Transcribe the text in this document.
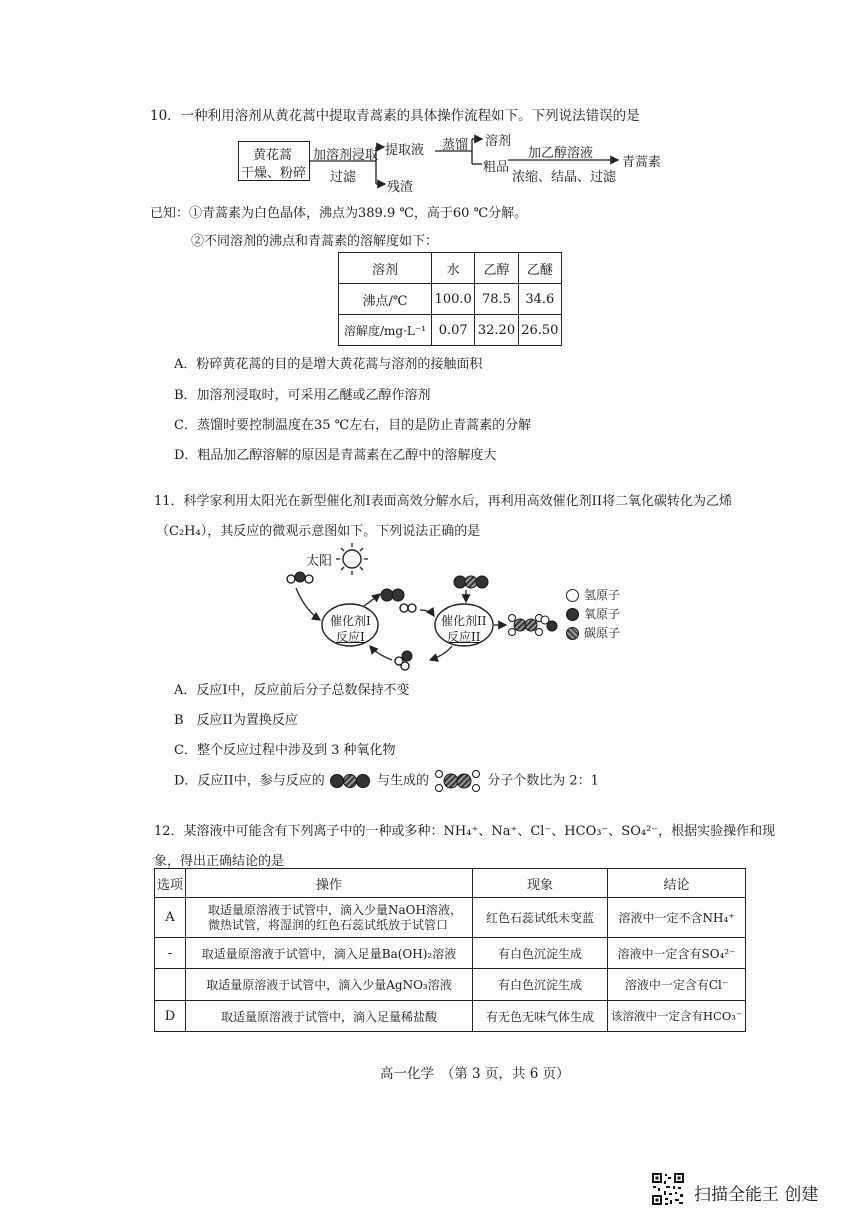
10．一种利用溶剂从黄花蒿中提取青蒿素的具体操作流程如下。下列说法错误的是
黄花蒿
干燥、粉碎
加溶剂浸取
过滤
提取液
残渣
蒸馏 溶剂
粗品
加乙醇溶液
浓缩、结晶、过滤
青蒿素
已知：①青蒿素为白色晶体，沸点为389.9 ℃，高于60 ℃分解。
②不同溶剂的沸点和青蒿素的溶解度如下：
溶剂	水	乙醇	乙醚
沸点/℃	100.0	78.5	34.6
溶解度/mg·L⁻¹	0.07	32.20	26.50
A．粉碎黄花蒿的目的是增大黄花蒿与溶剂的接触面积
B．加溶剂浸取时，可采用乙醚或乙醇作溶剂
C．蒸馏时要控制温度在35 ℃左右，目的是防止青蒿素的分解
D．粗品加乙醇溶解的原因是青蒿素在乙醇中的溶解度大
11．科学家利用太阳光在新型催化剂I表面高效分解水后，再利用高效催化剂II将二氧化碳转化为乙烯
（C₂H₄），其反应的微观示意图如下。下列说法正确的是
太阳
催化剂I
反应I
催化剂II
反应II
氢原子
氧原子
碳原子
A．反应I中，反应前后分子总数保持不变
B　反应II为置换反应
C．整个反应过程中涉及到 3 种氧化物
D．反应II中，参与反应的	与生成的	分子个数比为 2：1
12．某溶液中可能含有下列离子中的一种或多种：NH₄⁺、Na⁺、Cl⁻、HCO₃⁻、SO₄²⁻，根据实验操作和现
象，得出正确结论的是
选项	操作	现象	结论
A	取适量原溶液于试管中，滴入少量NaOH溶液，微热试管，将湿润的红色石蕊试纸放于试管口	红色石蕊试纸未变蓝	溶液中一定不含NH₄⁺
-	取适量原溶液于试管中，滴入足量Ba(OH)₂溶液	有白色沉淀生成	溶液中一定含有SO₄²⁻
	取适量原溶液于试管中，滴入少量AgNO₃溶液	有白色沉淀生成	溶液中一定含有Cl⁻
D	取适量原溶液于试管中，滴入足量稀盐酸	有无色无味气体生成	该溶液中一定含有HCO₃⁻
高一化学　（第 3 页，共 6 页）
扫描全能王 创建
